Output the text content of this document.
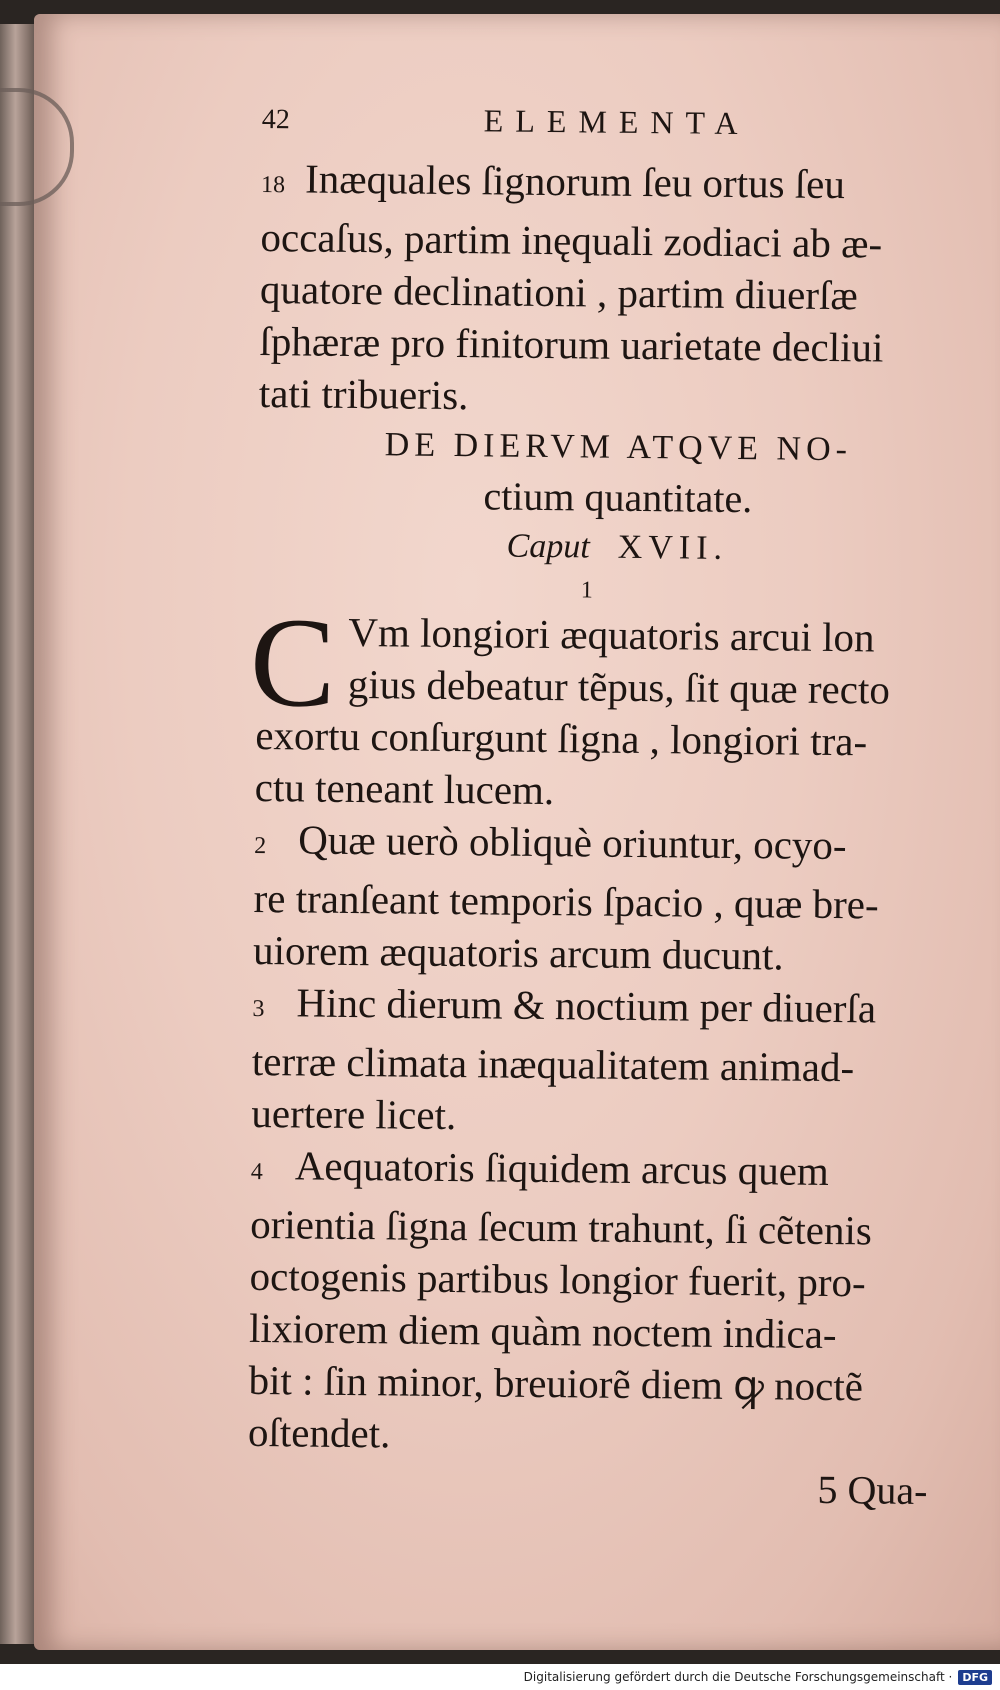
42	ELEMENTA
18 Inæquales ſignorum ſeu ortus ſeu
occaſus, partim inęquali zodiaci ab æ-
quatore declinationi , partim diuerſæ
ſphæræ pro finitorum uarietate decliui
tati tribueris.
DE DIERVM ATQVE NO-
ctium quantitate.
Caput XVII.
1
C Vm longiori æquatoris arcui lon
gius debeatur tẽpus, ſit quæ recto
exortu conſurgunt ſigna , longiori tra-
ctu teneant lucem.
2 Quæ uerò obliquè oriuntur, ocyo-
re tranſeant temporis ſpacio , quæ bre-
uiorem æquatoris arcum ducunt.
3 Hinc dierum & noctium per diuerſa
terræ climata inæqualitatem animad-
uertere licet.
4 Aequatoris ſiquidem arcus quem
orientia ſigna ſecum trahunt, ſi cẽtenis
octogenis partibus longior fuerit, pro-
lixiorem diem quàm noctem indica-
bit : ſin minor, breuiorẽ diem ꝙ noctẽ
oſtendet.
5 Qua-
Digitalisierung gefördert durch die Deutsche Forschungsgemeinschaft · DFG
